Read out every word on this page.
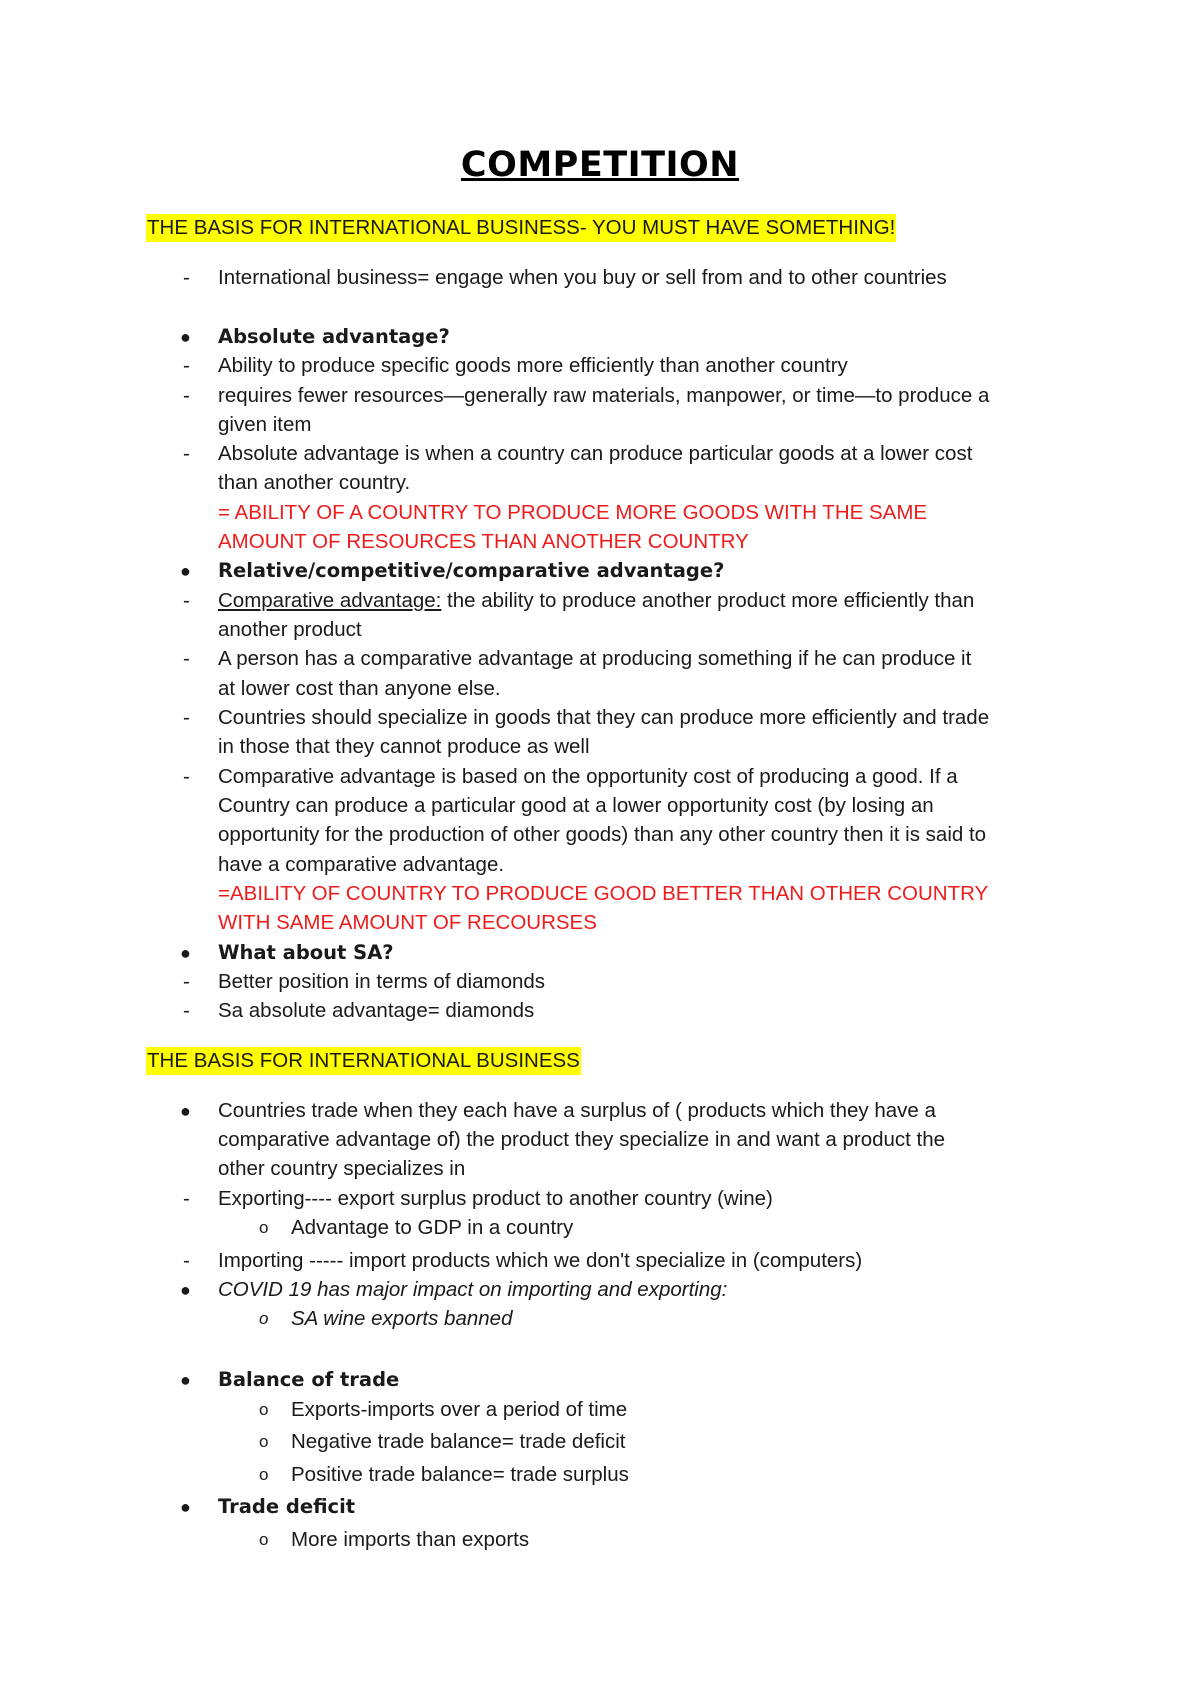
COMPETITION
THE BASIS FOR INTERNATIONAL BUSINESS- YOU MUST HAVE SOMETHING!
-	International business= engage when you buy or sell from and to other countries
●	Absolute advantage?
-	Ability to produce specific goods more efficiently than another country
-	requires fewer resources—generally raw materials, manpower, or time—to produce a
given item
-	Absolute advantage is when a country can produce particular goods at a lower cost
than another country.
= ABILITY OF A COUNTRY TO PRODUCE MORE GOODS WITH THE SAME
AMOUNT OF RESOURCES THAN ANOTHER COUNTRY
●	Relative/competitive/comparative advantage?
-	Comparative advantage: the ability to produce another product more efficiently than
another product
-	A person has a comparative advantage at producing something if he can produce it
at lower cost than anyone else.
-	Countries should specialize in goods that they can produce more efficiently and trade
in those that they cannot produce as well
-	Comparative advantage is based on the opportunity cost of producing a good. If a
Country can produce a particular good at a lower opportunity cost (by losing an
opportunity for the production of other goods) than any other country then it is said to
have a comparative advantage.
=ABILITY OF COUNTRY TO PRODUCE GOOD BETTER THAN OTHER COUNTRY
WITH SAME AMOUNT OF RECOURSES
●	What about SA?
-	Better position in terms of diamonds
-	Sa absolute advantage= diamonds
THE BASIS FOR INTERNATIONAL BUSINESS
●	Countries trade when they each have a surplus of ( products which they have a
comparative advantage of) the product they specialize in and want a product the
other country specializes in
-	Exporting---- export surplus product to another country (wine)
o	Advantage to GDP in a country
-	Importing ----- import products which we don't specialize in (computers)
●	COVID 19 has major impact on importing and exporting:
o	SA wine exports banned
●	Balance of trade
o	Exports-imports over a period of time
o	Negative trade balance= trade deficit
o	Positive trade balance= trade surplus
●	Trade deficit
o	More imports than exports
